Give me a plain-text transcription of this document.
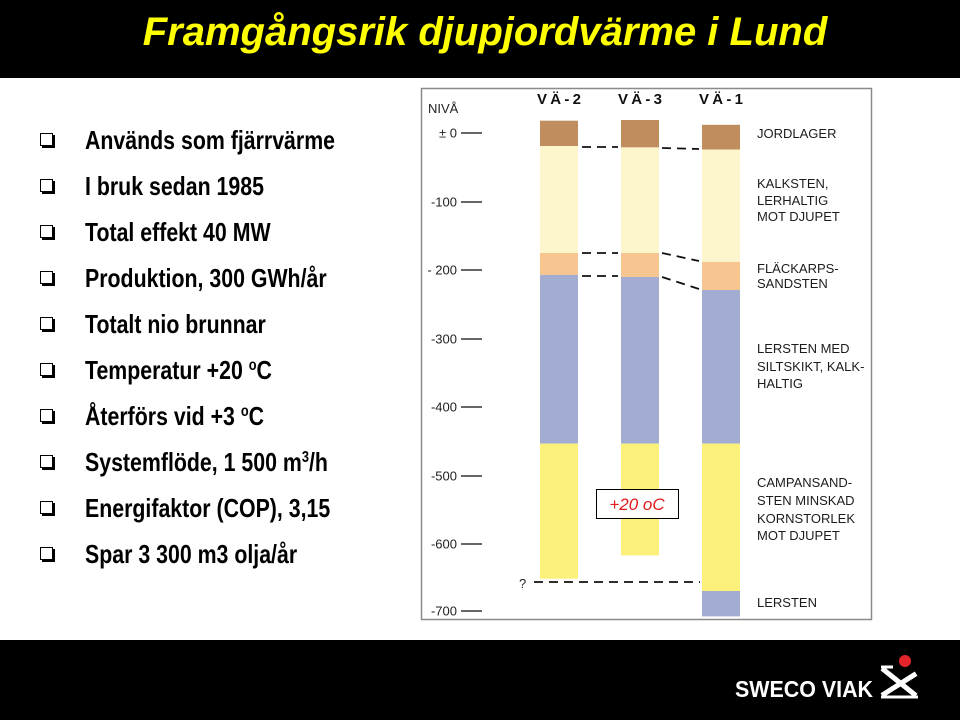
Framgångsrik djupjordvärme i Lund
Används som fjärrvärme
I bruk sedan 1985
Total effekt 40 MW
Produktion, 300 GWh/år
Totalt nio brunnar
Temperatur +20 $^o$C
Återförs vid +3 $^o$C
Systemflöde, 1 500 $m^3/h$
Energifaktor (COP), 3,15
Spar 3 300 m3 olja/år
NIVÅ
± 0
-100
- 200
-300
-400
-500
-600
-700
VÄ-2 VÄ-3 VÄ-1
?
JORDLAGER
KALKSTEN,
LERHALTIG
MOT DJUPET
FLÄCKARPS-
SANDSTEN
LERSTEN MED
SILTSKIKT, KALK-
HALTIG
CAMPANSAND-
STEN MINSKAD
KORNSTORLEK
MOT DJUPET
LERSTEN
+20 oC
SWECO VIAK
